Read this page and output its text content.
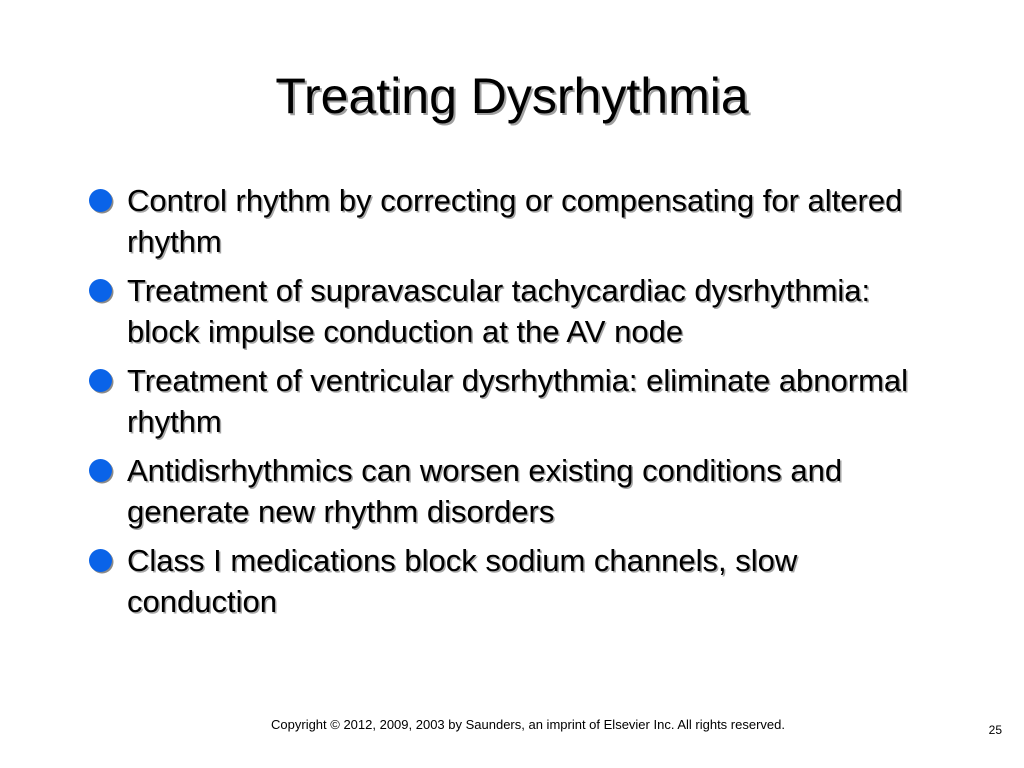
Treating Dysrhythmia
Control rhythm by correcting or compensating for altered rhythm
Treatment of supravascular tachycardiac dysrhythmia: block impulse conduction at the AV node
Treatment of ventricular dysrhythmia: eliminate abnormal rhythm
Antidisrhythmics can worsen existing conditions and generate new rhythm disorders
Class I medications block sodium channels, slow conduction
Copyright © 2012, 2009, 2003 by Saunders, an imprint of Elsevier Inc. All rights reserved.	25
